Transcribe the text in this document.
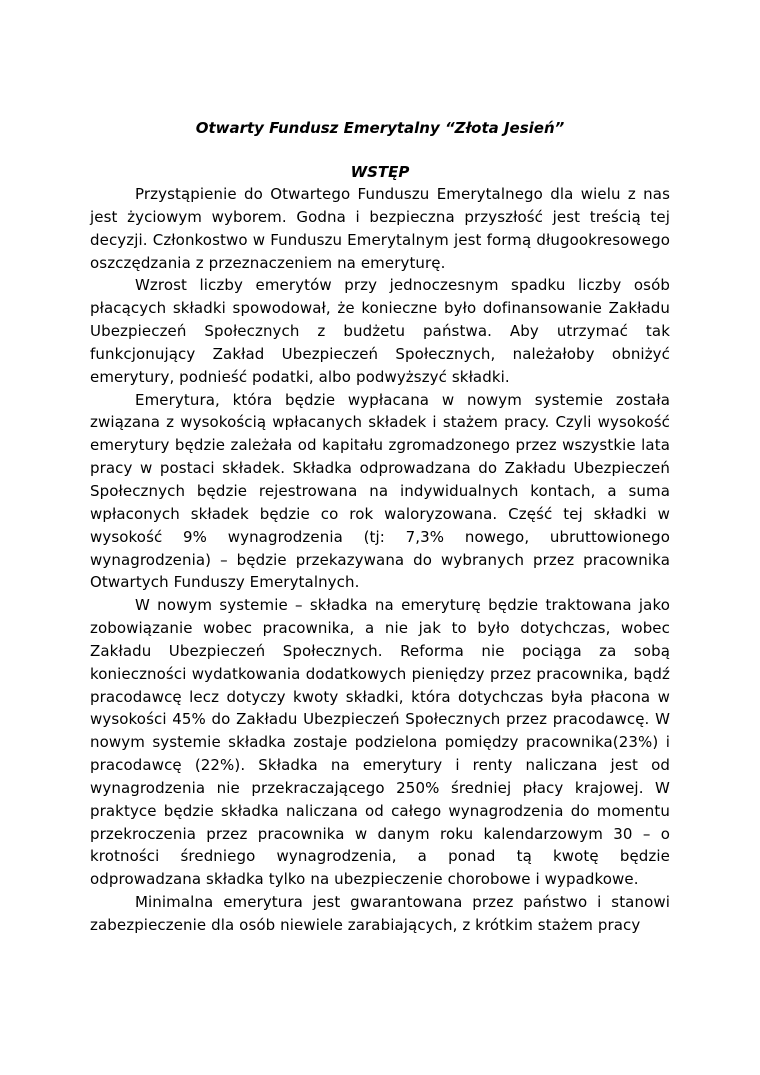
Otwarty Fundusz Emerytalny “Złota Jesień”
WSTĘP

Przystąpienie do Otwartego Funduszu Emerytalnego dla wielu z nas jest życiowym wyborem. Godna i bezpieczna przyszłość jest treścią tej decyzji. Członkostwo w Funduszu Emerytalnym jest formą długookresowego oszczędzania z przeznaczeniem na emeryturę.

Wzrost liczby emerytów przy jednoczesnym spadku liczby osób płacących składki spowodował, że konieczne było dofinansowanie Zakładu Ubezpieczeń Społecznych z budżetu państwa. Aby utrzymać tak funkcjonujący Zakład Ubezpieczeń Społecznych, należałoby obniżyć emerytury, podnieść podatki, albo podwyższyć składki.

Emerytura, która będzie wypłacana w nowym systemie została związana z wysokością wpłacanych składek i stażem pracy. Czyli wysokość emerytury będzie zależała od kapitału zgromadzonego przez wszystkie lata pracy w postaci składek. Składka odprowadzana do Zakładu Ubezpieczeń Społecznych będzie rejestrowana na indywidualnych kontach, a suma wpłaconych składek będzie co rok waloryzowana. Część tej składki w wysokość 9% wynagrodzenia (tj: 7,3% nowego, ubruttowionego wynagrodzenia) – będzie przekazywana do wybranych przez pracownika Otwartych Funduszy Emerytalnych.

W nowym systemie – składka na emeryturę będzie traktowana jako zobowiązanie wobec pracownika, a nie jak to było dotychczas, wobec Zakładu Ubezpieczeń Społecznych. Reforma nie pociąga za sobą konieczności wydatkowania dodatkowych pieniędzy przez pracownika, bądź pracodawcę lecz dotyczy kwoty składki, która dotychczas była płacona w wysokości 45% do Zakładu Ubezpieczeń Społecznych przez pracodawcę. W nowym systemie składka zostaje podzielona pomiędzy pracownika(23%) i pracodawcę (22%). Składka na emerytury i renty naliczana jest od wynagrodzenia nie przekraczającego 250% średniej płacy krajowej. W praktyce będzie składka naliczana od całego wynagrodzenia do momentu przekroczenia przez pracownika w danym roku kalendarzowym 30 – o krotności średniego wynagrodzenia, a ponad tą kwotę będzie odprowadzana składka tylko na ubezpieczenie chorobowe i wypadkowe.

Minimalna emerytura jest gwarantowana przez państwo i stanowi zabezpieczenie dla osób niewiele zarabiających, z krótkim stażem pracy
